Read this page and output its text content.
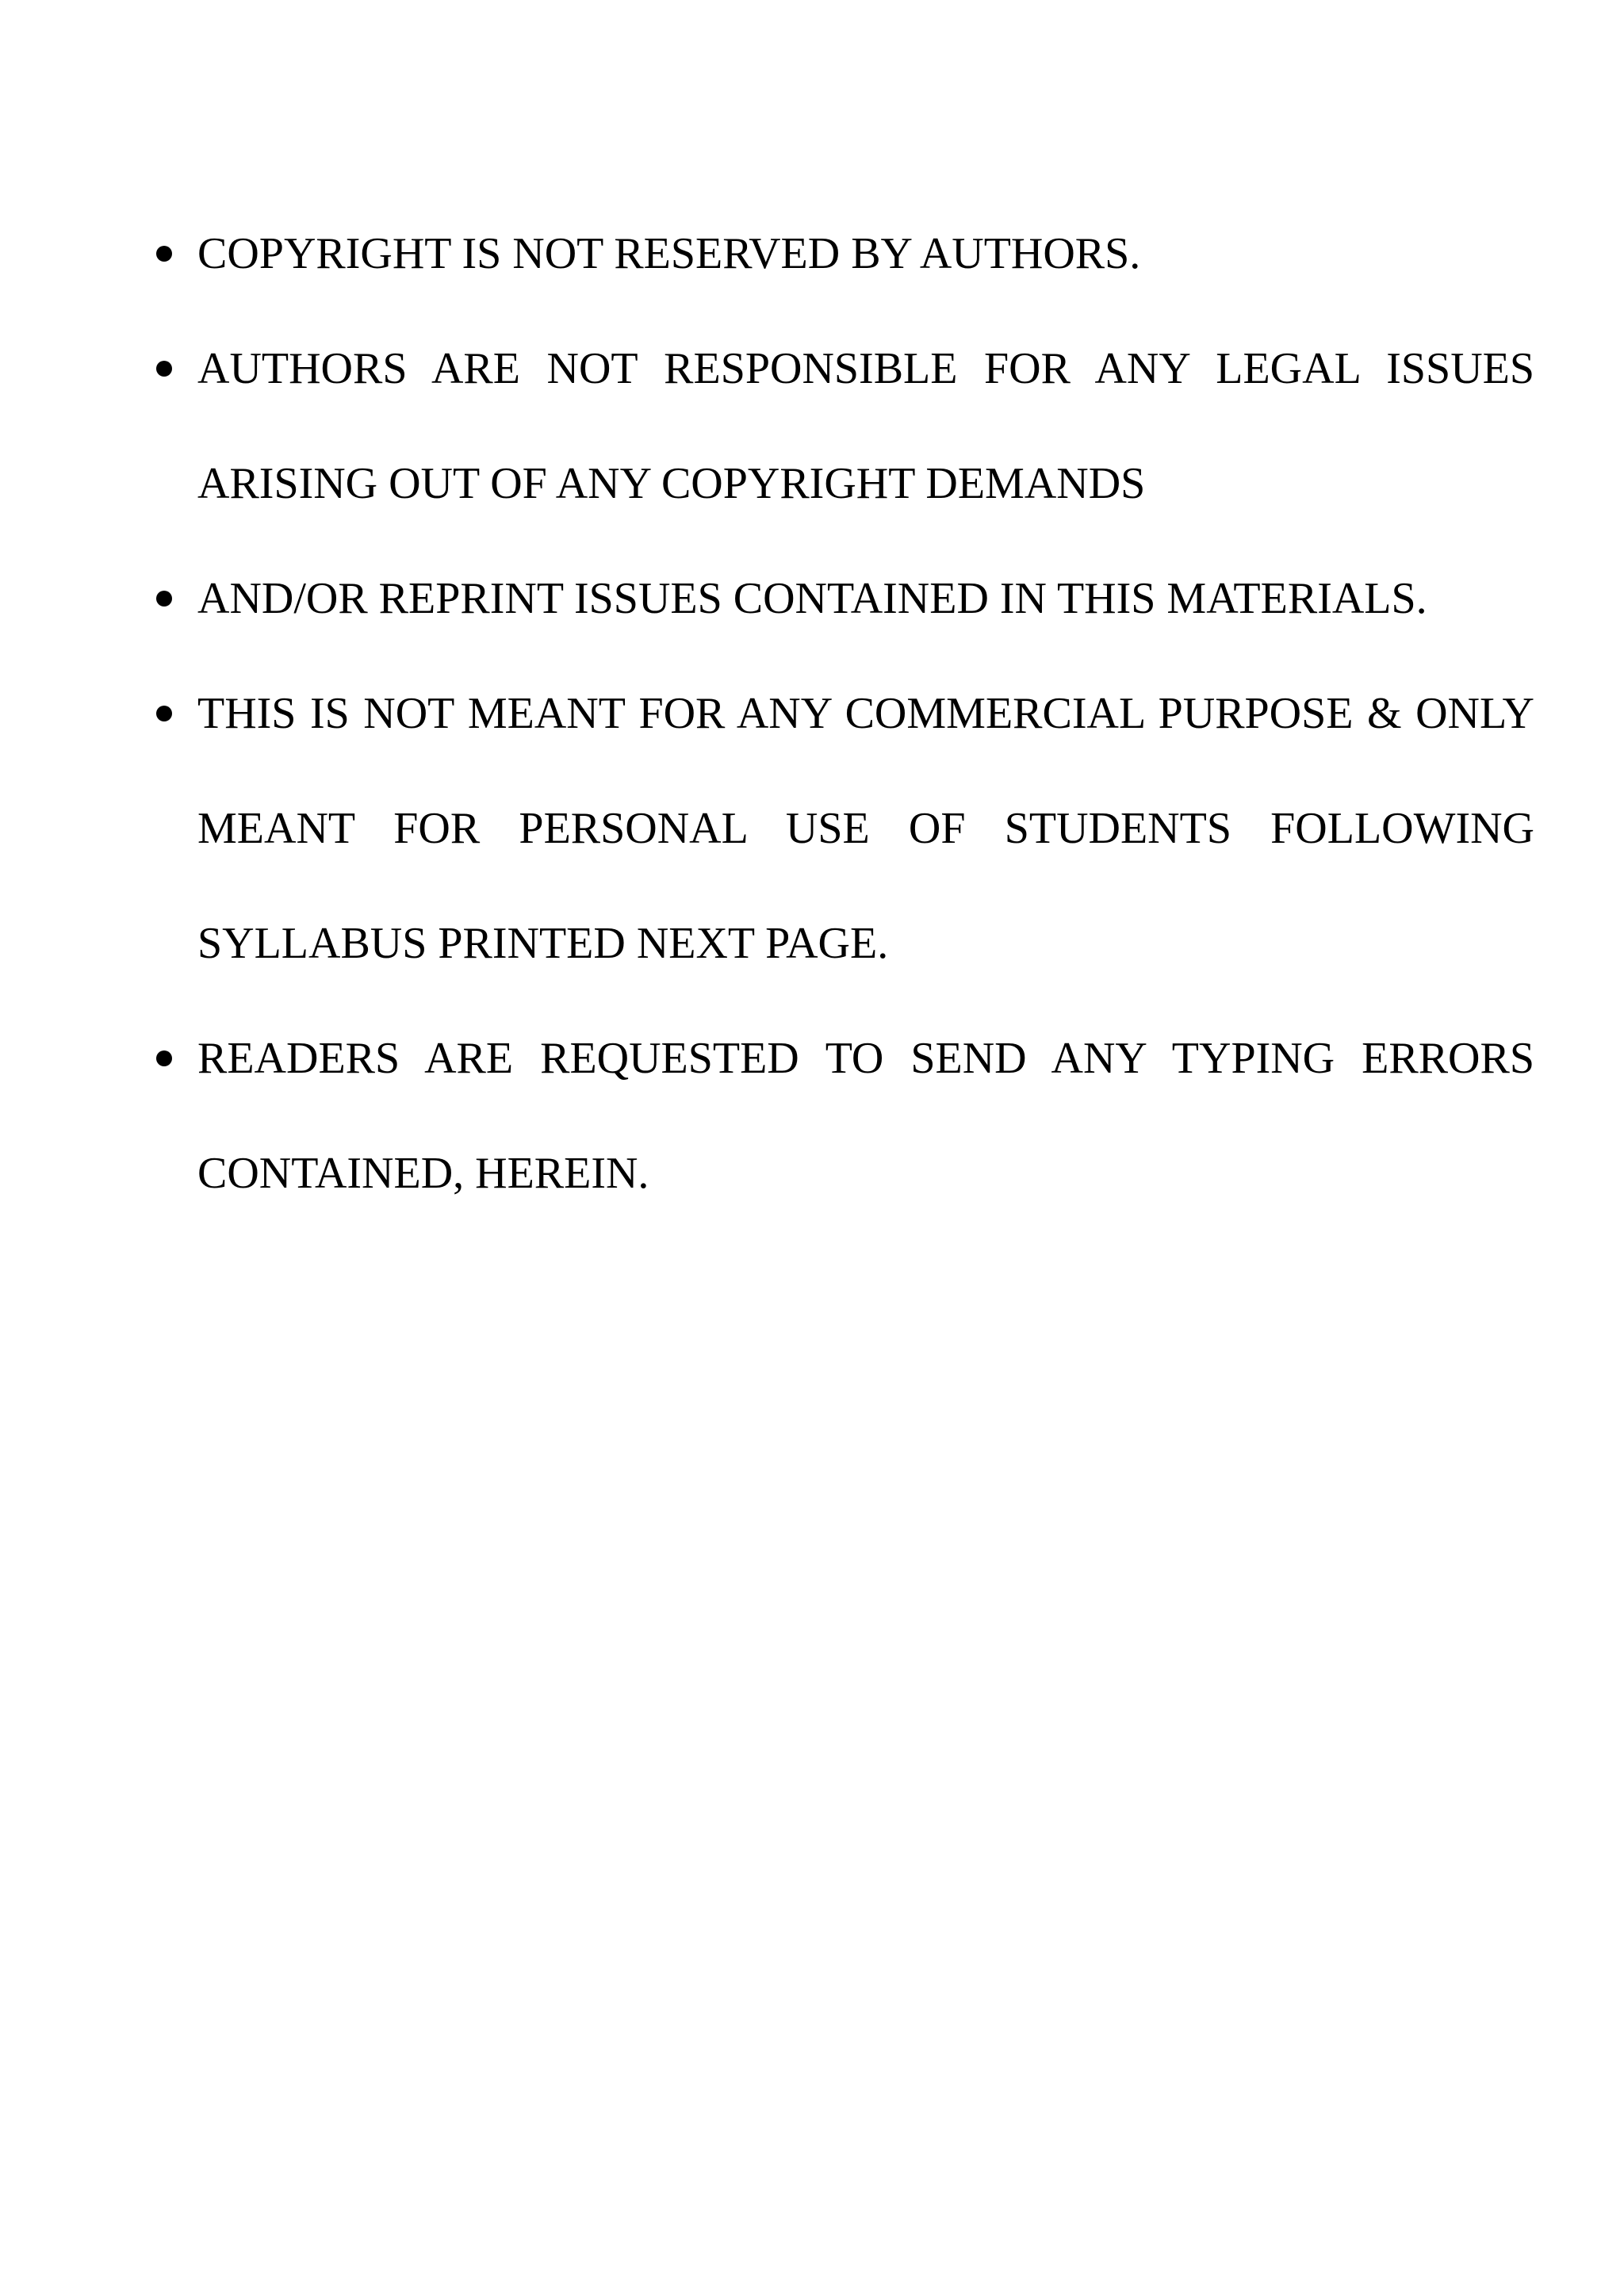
COPYRIGHT IS NOT RESERVED BY AUTHORS.
AUTHORS ARE NOT RESPONSIBLE FOR ANY LEGAL ISSUES ARISING OUT OF ANY COPYRIGHT DEMANDS
AND/OR REPRINT ISSUES CONTAINED IN THIS MATERIALS.
THIS IS NOT MEANT FOR ANY COMMERCIAL PURPOSE & ONLY MEANT FOR PERSONAL USE OF STUDENTS FOLLOWING SYLLABUS PRINTED NEXT PAGE.
READERS ARE REQUESTED TO SEND ANY TYPING ERRORS CONTAINED, HEREIN.
